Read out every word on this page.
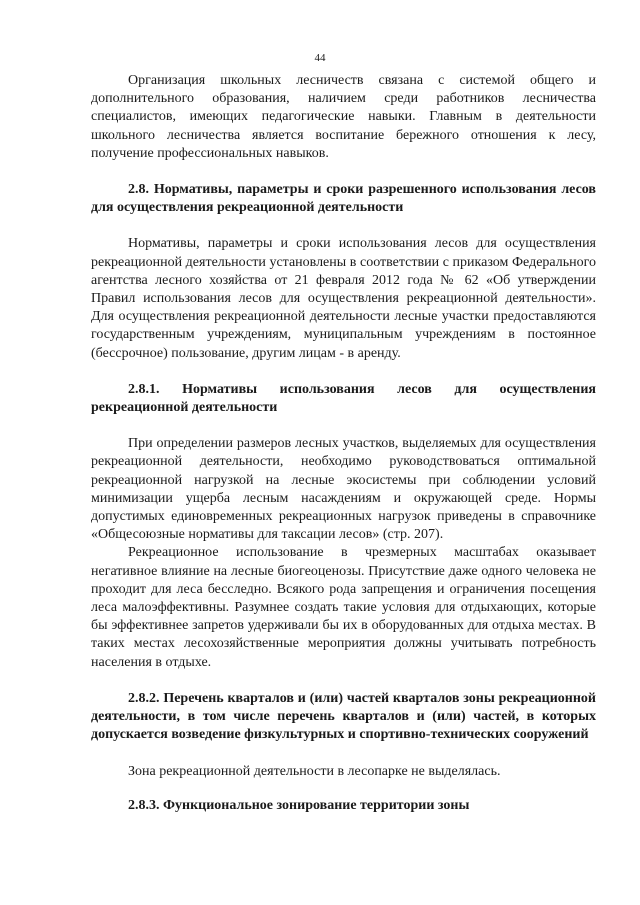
44

Организация школьных лесничеств связана с системой общего и дополнительного образования, наличием среди работников лесничества специалистов, имеющих педагогические навыки. Главным в деятельности школьного лесничества является воспитание бережного отношения к лесу, получение профессиональных навыков.

2.8. Нормативы, параметры и сроки разрешенного использования лесов для осуществления рекреационной деятельности

Нормативы, параметры и сроки использования лесов для осуществления рекреационной деятельности установлены в соответствии с приказом Федерального агентства лесного хозяйства от 21 февраля 2012 года № 62 «Об утверждении Правил использования лесов для осуществления рекреационной деятельности». Для осуществления рекреационной деятельности лесные участки предоставляются государственным учреждениям, муниципальным учреждениям в постоянное (бессрочное) пользование, другим лицам - в аренду.

2.8.1. Нормативы использования лесов для осуществления рекреационной деятельности

При определении размеров лесных участков, выделяемых для осуществления рекреационной деятельности, необходимо руководствоваться оптимальной рекреационной нагрузкой на лесные экосистемы при соблюдении условий минимизации ущерба лесным насаждениям и окружающей среде. Нормы допустимых единовременных рекреационных нагрузок приведены в справочнике «Общесоюзные нормативы для таксации лесов» (стр. 207).

Рекреационное использование в чрезмерных масштабах оказывает негативное влияние на лесные биогеоценозы. Присутствие даже одного человека не проходит для леса бесследно. Всякого рода запрещения и ограничения посещения леса малоэффективны. Разумнее создать такие условия для отдыхающих, которые бы эффективнее запретов удерживали бы их в оборудованных для отдыха местах. В таких местах лесохозяйственные мероприятия должны учитывать потребность населения в отдыхе.

2.8.2. Перечень кварталов и (или) частей кварталов зоны рекреационной деятельности, в том числе перечень кварталов и (или) частей, в которых допускается возведение физкультурных и спортивно-технических сооружений

Зона рекреационной деятельности в лесопарке не выделялась.

2.8.3. Функциональное зонирование территории зоны
